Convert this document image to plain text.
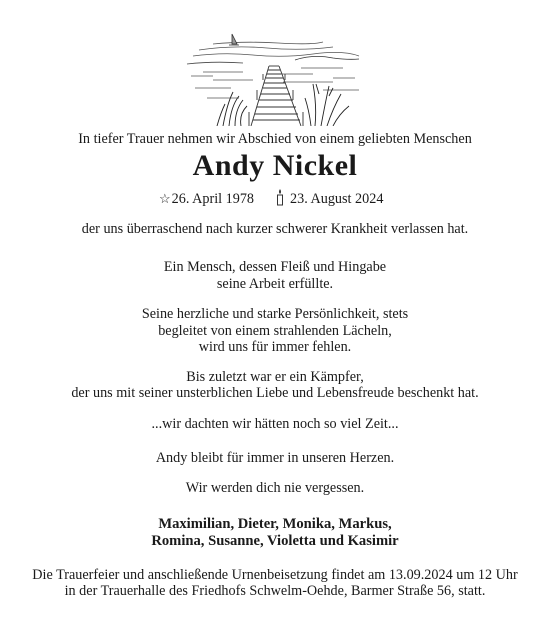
In tiefer Trauer nehmen wir Abschied von einem geliebten Menschen
Andy Nickel
☆26. April 1978	23. August 2024
der uns überraschend nach kurzer schwerer Krankheit verlassen hat.
Ein Mensch, dessen Fleiß und Hingabe
seine Arbeit erfüllte.
Seine herzliche und starke Persönlichkeit, stets
begleitet von einem strahlenden Lächeln,
wird uns für immer fehlen.
Bis zuletzt war er ein Kämpfer,
der uns mit seiner unsterblichen Liebe und Lebensfreude beschenkt hat.
...wir dachten wir hätten noch so viel Zeit...
Andy bleibt für immer in unseren Herzen.
Wir werden dich nie vergessen.
Maximilian, Dieter, Monika, Markus,
Romina, Susanne, Violetta und Kasimir
Die Trauerfeier und anschließende Urnenbeisetzung findet am 13.09.2024 um 12 Uhr
in der Trauerhalle des Friedhofs Schwelm-Oehde, Barmer Straße 56, statt.
